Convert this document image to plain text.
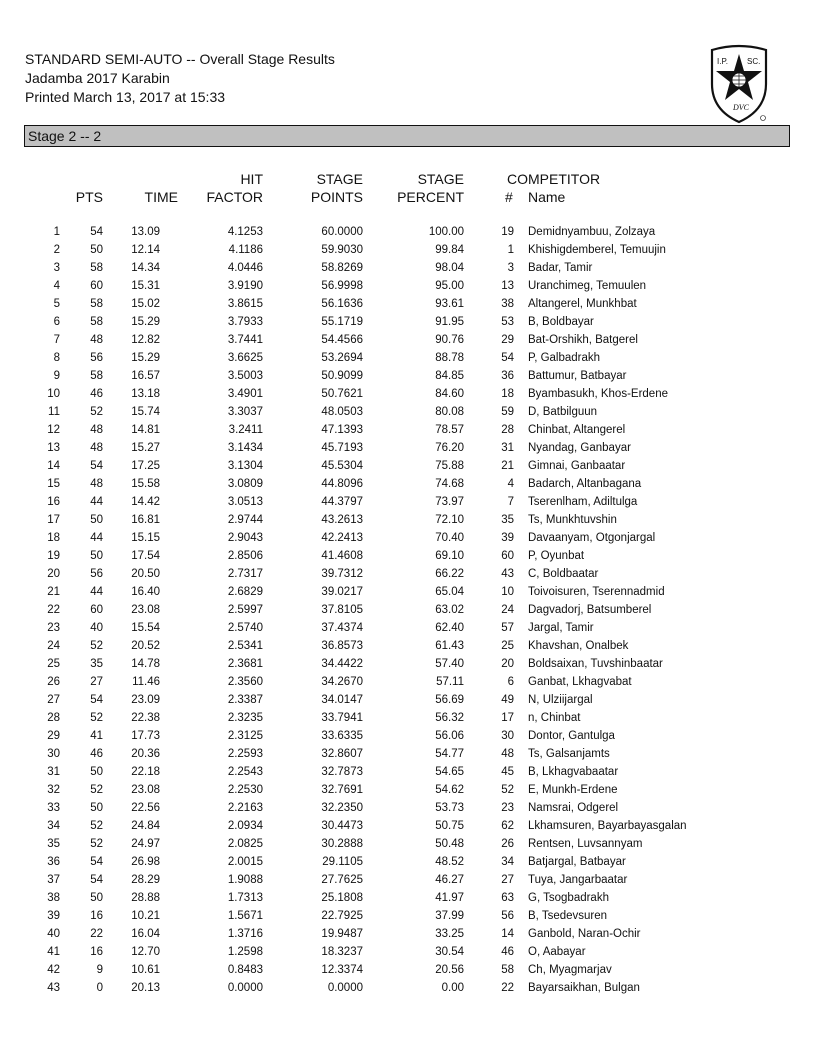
STANDARD SEMI-AUTO -- Overall Stage Results
Jadamba 2017 Karabin
Printed March 13, 2017 at 15:33
I.P. SC.
DVC
Stage 2 -- 2
PTS	TIME
HIT
FACTOR
STAGE
POINTS
STAGE
PERCENT
COMPETITOR
#	Name
1	54	13.09	4.1253	60.0000	100.00	19 Demidnyambuu, Zolzaya
2	50	12.14	4.1186	59.9030	99.84	1 Khishigdemberel, Temuujin
3	58	14.34	4.0446	58.8269	98.04	3 Badar, Tamir
4	60	15.31	3.9190	56.9998	95.00	13 Uranchimeg, Temuulen
5	58	15.02	3.8615	56.1636	93.61	38 Altangerel, Munkhbat
6	58	15.29	3.7933	55.1719	91.95	53 B, Boldbayar
7	48	12.82	3.7441	54.4566	90.76	29 Bat-Orshikh, Batgerel
8	56	15.29	3.6625	53.2694	88.78	54 P, Galbadrakh
9	58	16.57	3.5003	50.9099	84.85	36 Battumur, Batbayar
10	46	13.18	3.4901	50.7621	84.60	18 Byambasukh, Khos-Erdene
11	52	15.74	3.3037	48.0503	80.08	59 D, Batbilguun
12	48	14.81	3.2411	47.1393	78.57	28 Chinbat, Altangerel
13	48	15.27	3.1434	45.7193	76.20	31 Nyandag, Ganbayar
14	54	17.25	3.1304	45.5304	75.88	21 Gimnai, Ganbaatar
15	48	15.58	3.0809	44.8096	74.68	4 Badarch, Altanbagana
16	44	14.42	3.0513	44.3797	73.97	7 Tserenlham, Adiltulga
17	50	16.81	2.9744	43.2613	72.10	35 Ts, Munkhtuvshin
18	44	15.15	2.9043	42.2413	70.40	39 Davaanyam, Otgonjargal
19	50	17.54	2.8506	41.4608	69.10	60 P, Oyunbat
20	56	20.50	2.7317	39.7312	66.22	43 C, Boldbaatar
21	44	16.40	2.6829	39.0217	65.04	10 Toivoisuren, Tserennadmid
22	60	23.08	2.5997	37.8105	63.02	24 Dagvadorj, Batsumberel
23	40	15.54	2.5740	37.4374	62.40	57 Jargal, Tamir
24	52	20.52	2.5341	36.8573	61.43	25 Khavshan, Onalbek
25	35	14.78	2.3681	34.4422	57.40	20 Boldsaixan, Tuvshinbaatar
26	27	11.46	2.3560	34.2670	57.11	6 Ganbat, Lkhagvabat
27	54	23.09	2.3387	34.0147	56.69	49 N, Ulziijargal
28	52	22.38	2.3235	33.7941	56.32	17 n, Chinbat
29	41	17.73	2.3125	33.6335	56.06	30 Dontor, Gantulga
30	46	20.36	2.2593	32.8607	54.77	48 Ts, Galsanjamts
31	50	22.18	2.2543	32.7873	54.65	45 B, Lkhagvabaatar
32	52	23.08	2.2530	32.7691	54.62	52 E, Munkh-Erdene
33	50	22.56	2.2163	32.2350	53.73	23 Namsrai, Odgerel
34	52	24.84	2.0934	30.4473	50.75	62 Lkhamsuren, Bayarbayasgalan
35	52	24.97	2.0825	30.2888	50.48	26 Rentsen, Luvsannyam
36	54	26.98	2.0015	29.1105	48.52	34 Batjargal, Batbayar
37	54	28.29	1.9088	27.7625	46.27	27 Tuya, Jangarbaatar
38	50	28.88	1.7313	25.1808	41.97	63 G, Tsogbadrakh
39	16	10.21	1.5671	22.7925	37.99	56 B, Tsedevsuren
40	22	16.04	1.3716	19.9487	33.25	14 Ganbold, Naran-Ochir
41	16	12.70	1.2598	18.3237	30.54	46 O, Aabayar
42	9	10.61	0.8483	12.3374	20.56	58 Ch, Myagmarjav
43	0	20.13	0.0000	0.0000	0.00	22 Bayarsaikhan, Bulgan
